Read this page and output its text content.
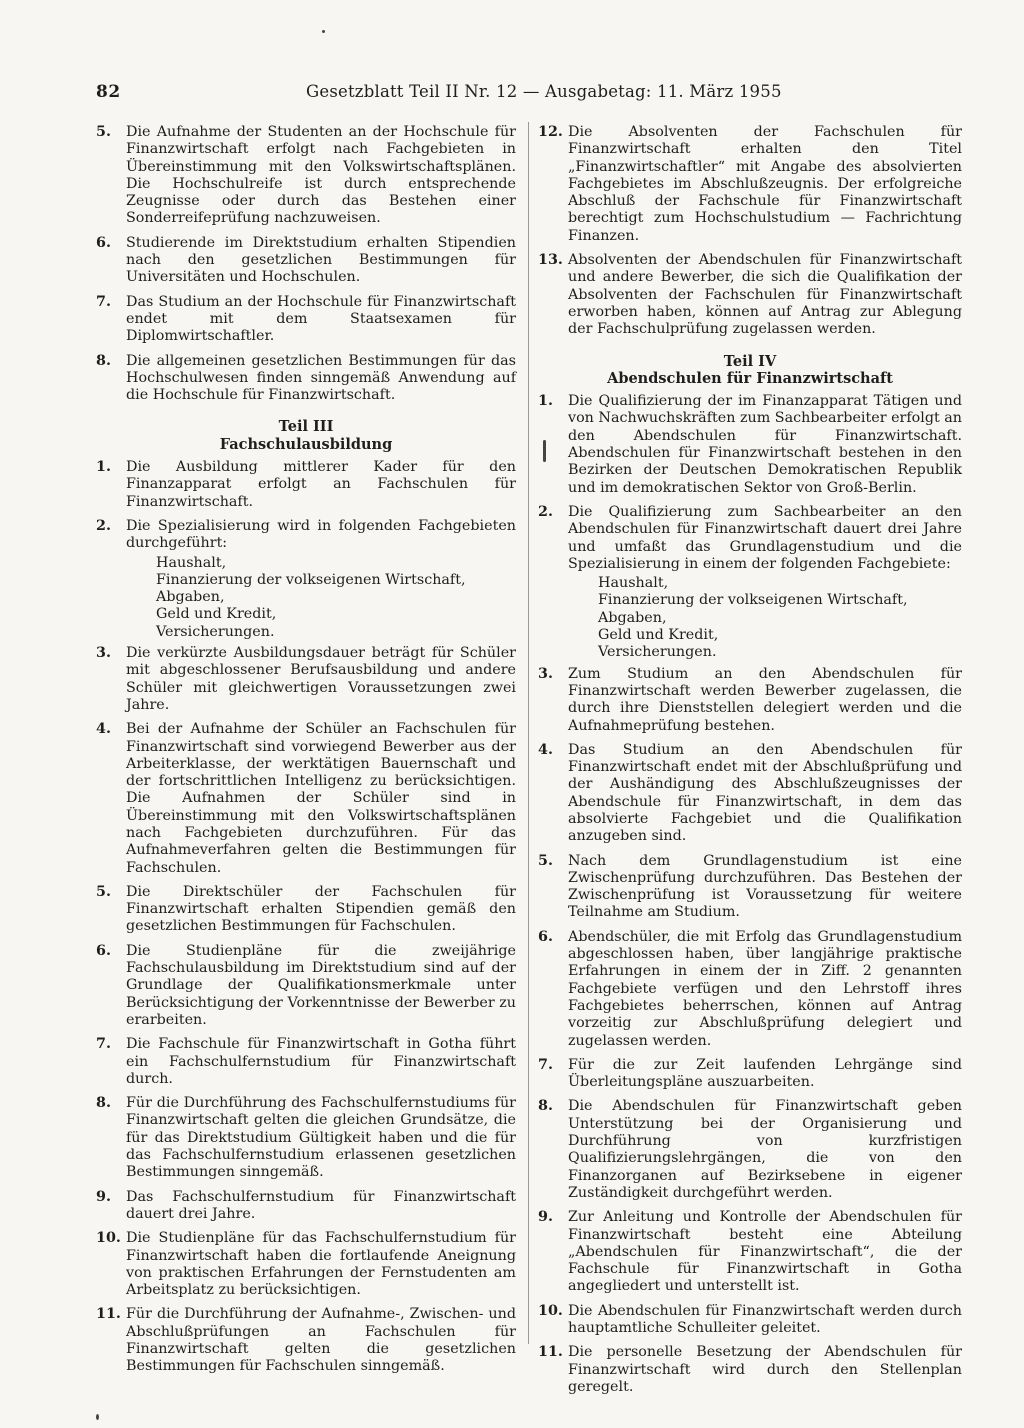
82	Gesetzblatt Teil II Nr. 12 — Ausgabetag: 11. März 1955
5.	Die Aufnahme der Studenten an der Hochschule für Finanzwirtschaft erfolgt nach Fachgebieten in Übereinstimmung mit den Volkswirtschaftsplänen. Die Hochschulreife ist durch entsprechende Zeugnisse oder durch das Bestehen einer Sonderreifeprüfung nachzuweisen.
6.	Studierende im Direktstudium erhalten Stipendien nach den gesetzlichen Bestimmungen für Universitäten und Hochschulen.
7.	Das Studium an der Hochschule für Finanzwirtschaft endet mit dem Staatsexamen für Diplomwirtschaftler.
8.	Die allgemeinen gesetzlichen Bestimmungen für das Hochschulwesen finden sinngemäß Anwendung auf die Hochschule für Finanzwirtschaft.
Teil III
Fachschulausbildung
1.	Die Ausbildung mittlerer Kader für den Finanzapparat erfolgt an Fachschulen für Finanzwirtschaft.
2.	Die Spezialisierung wird in folgenden Fachgebieten durchgeführt:
Haushalt,
Finanzierung der volkseigenen Wirtschaft,
Abgaben,
Geld und Kredit,
Versicherungen.
3.	Die verkürzte Ausbildungsdauer beträgt für Schüler mit abgeschlossener Berufsausbildung und andere Schüler mit gleichwertigen Voraussetzungen zwei Jahre.
4.	Bei der Aufnahme der Schüler an Fachschulen für Finanzwirtschaft sind vorwiegend Bewerber aus der Arbeiterklasse, der werktätigen Bauernschaft und der fortschrittlichen Intelligenz zu berücksichtigen. Die Aufnahmen der Schüler sind in Übereinstimmung mit den Volkswirtschaftsplänen nach Fachgebieten durchzuführen. Für das Aufnahmeverfahren gelten die Bestimmungen für Fachschulen.
5.	Die Direktschüler der Fachschulen für Finanzwirtschaft erhalten Stipendien gemäß den gesetzlichen Bestimmungen für Fachschulen.
6.	Die Studienpläne für die zweijährige Fachschulausbildung im Direktstudium sind auf der Grundlage der Qualifikationsmerkmale unter Berücksichtigung der Vorkenntnisse der Bewerber zu erarbeiten.
7.	Die Fachschule für Finanzwirtschaft in Gotha führt ein Fachschulfernstudium für Finanzwirtschaft durch.
8.	Für die Durchführung des Fachschulfernstudiums für Finanzwirtschaft gelten die gleichen Grundsätze, die für das Direktstudium Gültigkeit haben und die für das Fachschulfernstudium erlassenen gesetzlichen Bestimmungen sinngemäß.
9.	Das Fachschulfernstudium für Finanzwirtschaft dauert drei Jahre.
10. Die Studienpläne für das Fachschulfernstudium für Finanzwirtschaft haben die fortlaufende Aneignung von praktischen Erfahrungen der Fernstudenten am Arbeitsplatz zu berücksichtigen.
11. Für die Durchführung der Aufnahme-, Zwischen- und Abschlußprüfungen an Fachschulen für Finanzwirtschaft gelten die gesetzlichen Bestimmungen für Fachschulen sinngemäß.
12. Die Absolventen der Fachschulen für Finanzwirtschaft erhalten den Titel „Finanzwirtschaftler“ mit Angabe des absolvierten Fachgebietes im Abschlußzeugnis. Der erfolgreiche Abschluß der Fachschule für Finanzwirtschaft berechtigt zum Hochschulstudium — Fachrichtung Finanzen.
13. Absolventen der Abendschulen für Finanzwirtschaft und andere Bewerber, die sich die Qualifikation der Absolventen der Fachschulen für Finanzwirtschaft erworben haben, können auf Antrag zur Ablegung der Fachschulprüfung zugelassen werden.
Teil IV
Abendschulen für Finanzwirtschaft
1.	Die Qualifizierung der im Finanzapparat Tätigen und von Nachwuchskräften zum Sachbearbeiter erfolgt an den Abendschulen für Finanzwirtschaft. Abendschulen für Finanzwirtschaft bestehen in den Bezirken der Deutschen Demokratischen Republik und im demokratischen Sektor von Groß-Berlin.
2.	Die Qualifizierung zum Sachbearbeiter an den Abendschulen für Finanzwirtschaft dauert drei Jahre und umfaßt das Grundlagenstudium und die Spezialisierung in einem der folgenden Fachgebiete:
Haushalt,
Finanzierung der volkseigenen Wirtschaft,
Abgaben,
Geld und Kredit,
Versicherungen.
3.	Zum Studium an den Abendschulen für Finanzwirtschaft werden Bewerber zugelassen, die durch ihre Dienststellen delegiert werden und die Aufnahmeprüfung bestehen.
4.	Das Studium an den Abendschulen für Finanzwirtschaft endet mit der Abschlußprüfung und der Aushändigung des Abschlußzeugnisses der Abendschule für Finanzwirtschaft, in dem das absolvierte Fachgebiet und die Qualifikation anzugeben sind.
5.	Nach dem Grundlagenstudium ist eine Zwischenprüfung durchzuführen. Das Bestehen der Zwischenprüfung ist Voraussetzung für weitere Teilnahme am Studium.
6.	Abendschüler, die mit Erfolg das Grundlagenstudium abgeschlossen haben, über langjährige praktische Erfahrungen in einem der in Ziff. 2 genannten Fachgebiete verfügen und den Lehrstoff ihres Fachgebietes beherrschen, können auf Antrag vorzeitig zur Abschlußprüfung delegiert und zugelassen werden.
7.	Für die zur Zeit laufenden Lehrgänge sind Überleitungspläne auszuarbeiten.
8.	Die Abendschulen für Finanzwirtschaft geben Unterstützung bei der Organisierung und Durchführung von kurzfristigen Qualifizierungslehrgängen, die von den Finanzorganen auf Bezirksebene in eigener Zuständigkeit durchgeführt werden.
9.	Zur Anleitung und Kontrolle der Abendschulen für Finanzwirtschaft besteht eine Abteilung „Abendschulen für Finanzwirtschaft“, die der Fachschule für Finanzwirtschaft in Gotha angegliedert und unterstellt ist.
10. Die Abendschulen für Finanzwirtschaft werden durch hauptamtliche Schulleiter geleitet.
11. Die personelle Besetzung der Abendschulen für Finanzwirtschaft wird durch den Stellenplan geregelt.
